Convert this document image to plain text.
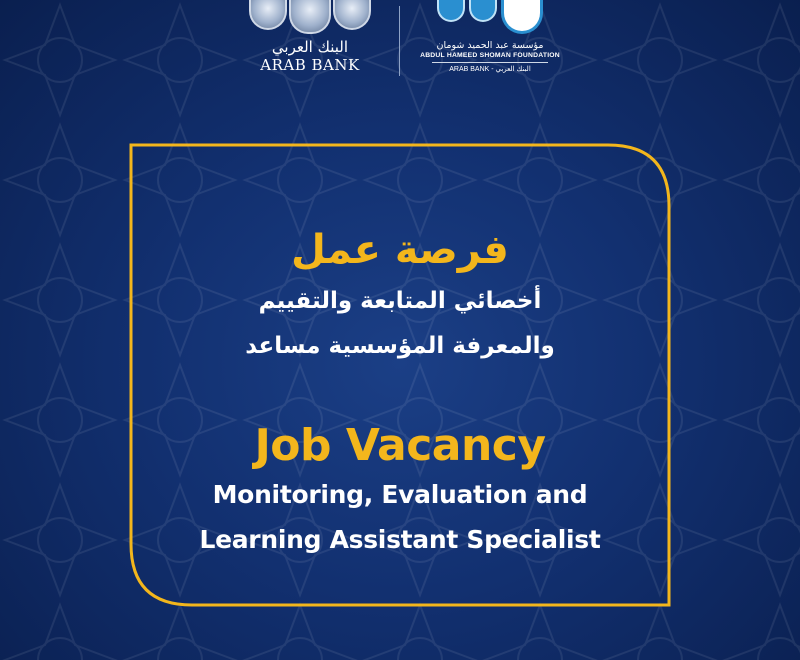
البنك العربي
ARAB BANK
مؤسسة عبد الحميد شومان
ABDUL HAMEED SHOMAN FOUNDATION
ARAB BANK - البنك العربي
فرصة عمل
أخصائي المتابعة والتقييم
والمعرفة المؤسسية مساعد
Job Vacancy
Monitoring, Evaluation and
Learning Assistant Specialist
